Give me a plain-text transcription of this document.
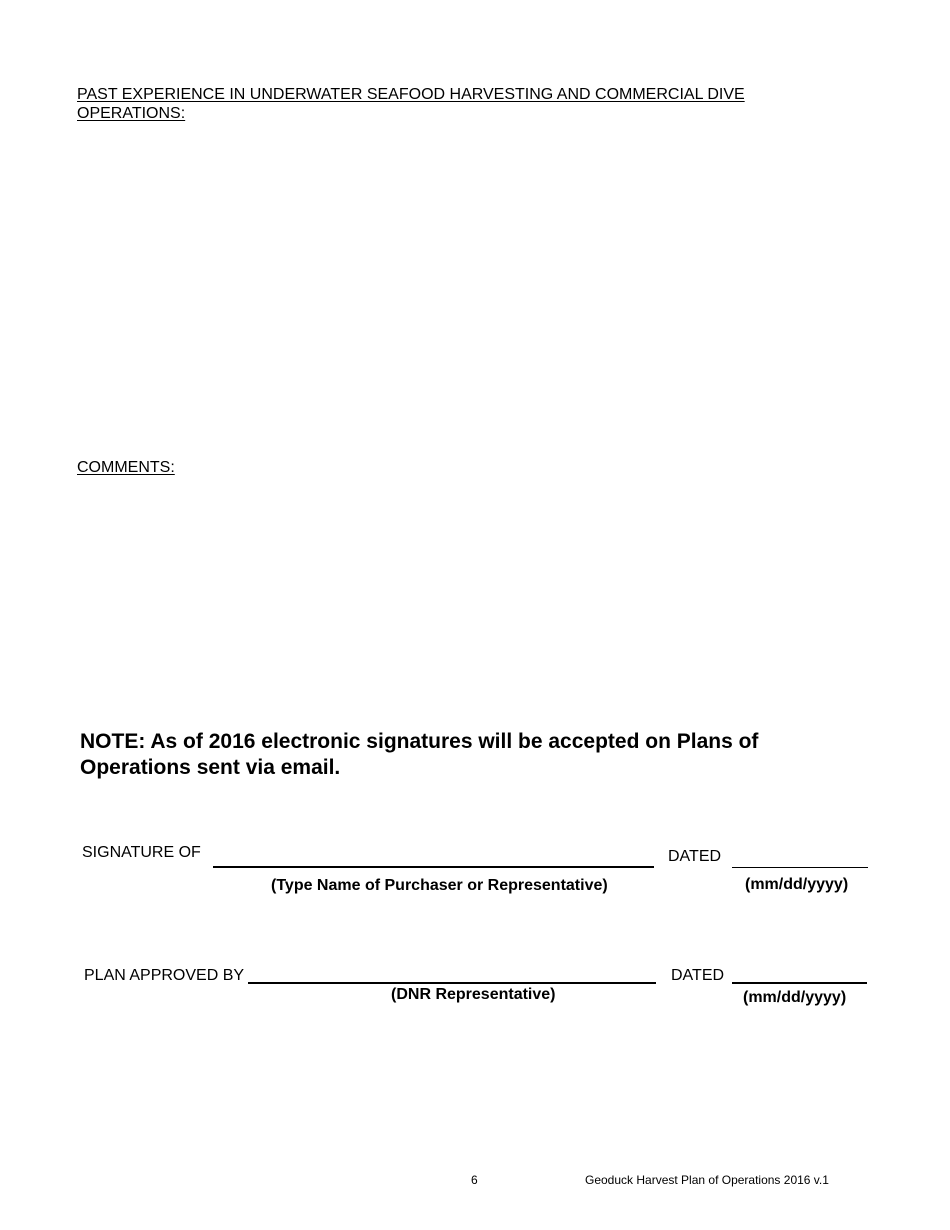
PAST EXPERIENCE IN UNDERWATER SEAFOOD HARVESTING AND COMMERCIAL DIVE
OPERATIONS:
COMMENTS:
NOTE: As of 2016 electronic signatures will be accepted on Plans of
Operations sent via email.
SIGNATURE OF
(Type Name of Purchaser or Representative)
DATED
(mm/dd/yyyy)
PLAN APPROVED BY
(DNR Representative)
DATED
(mm/dd/yyyy)
6	Geoduck Harvest Plan of Operations 2016 v.1
